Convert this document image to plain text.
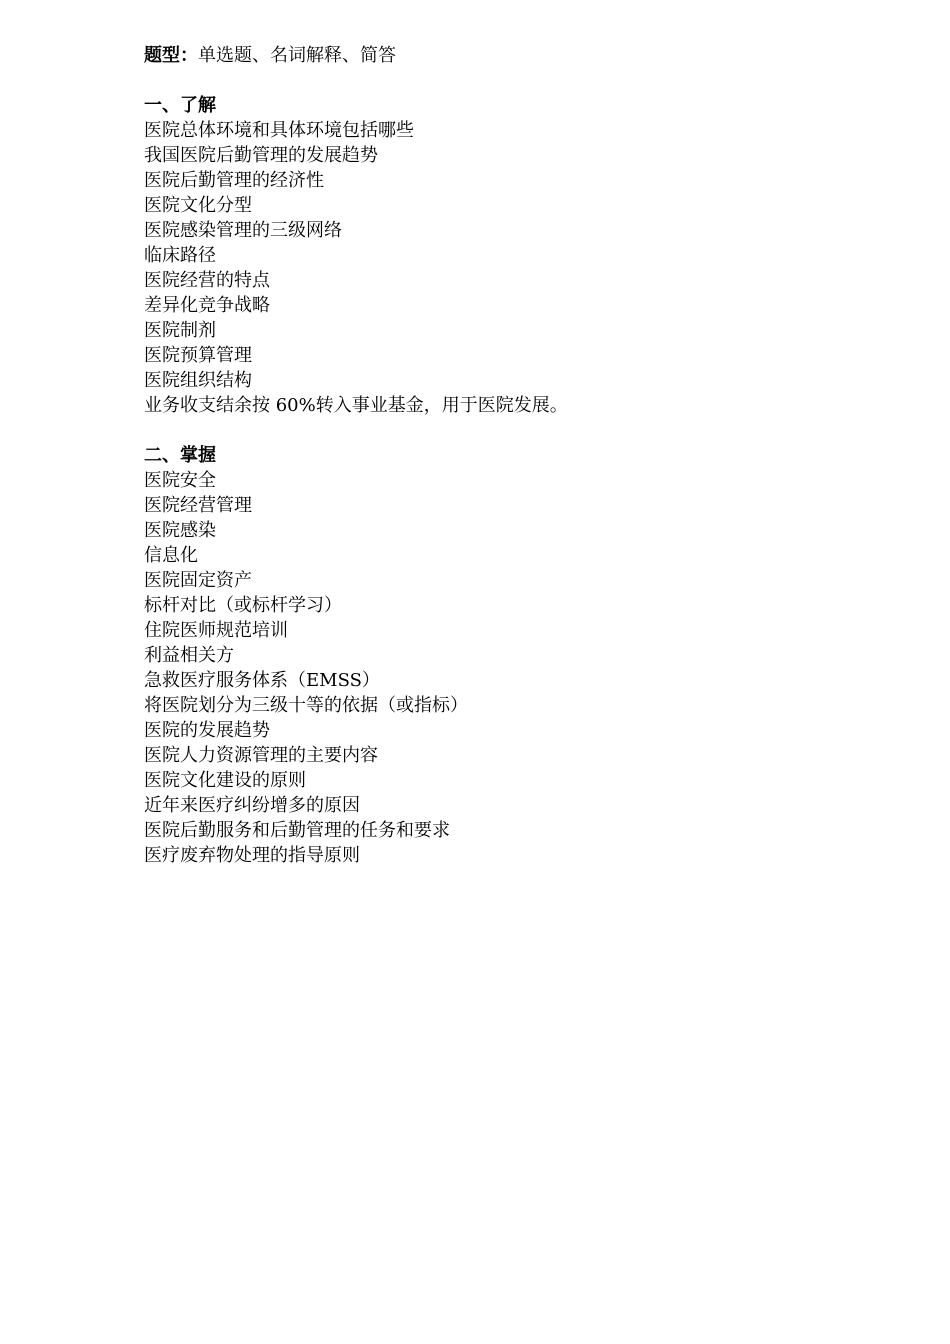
题型：单选题、名词解释、简答
一、了解
医院总体环境和具体环境包括哪些
我国医院后勤管理的发展趋势
医院后勤管理的经济性
医院文化分型
医院感染管理的三级网络
临床路径
医院经营的特点
差异化竞争战略
医院制剂
医院预算管理
医院组织结构
业务收支结余按 60%转入事业基金，用于医院发展。
二、掌握
医院安全
医院经营管理
医院感染
信息化
医院固定资产
标杆对比（或标杆学习）
住院医师规范培训
利益相关方
急救医疗服务体系（EMSS）
将医院划分为三级十等的依据（或指标）
医院的发展趋势
医院人力资源管理的主要内容
医院文化建设的原则
近年来医疗纠纷增多的原因
医院后勤服务和后勤管理的任务和要求
医疗废弃物处理的指导原则
